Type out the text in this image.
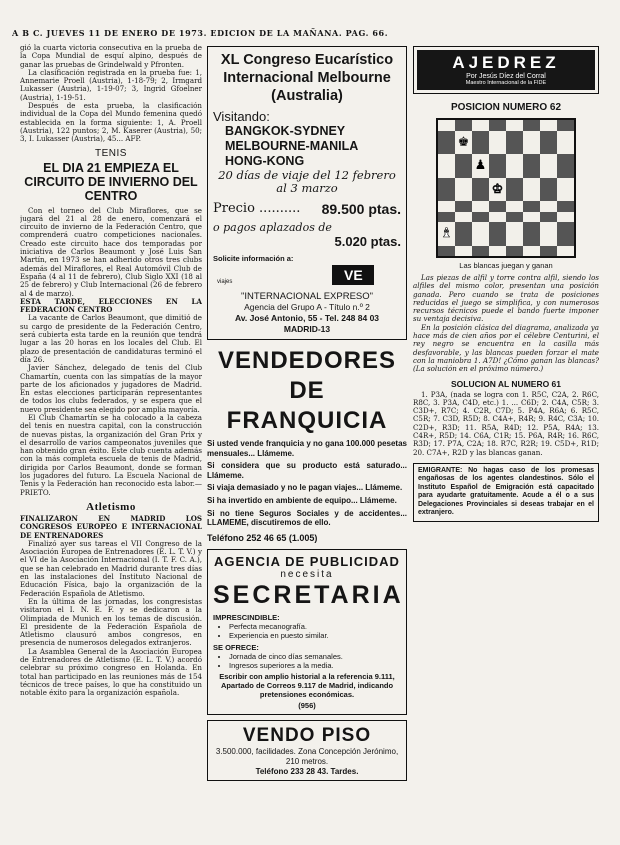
A B C. JUEVES 11 DE ENERO DE 1973. EDICION DE LA MAÑANA. PAG. 66.

gió la cuarta victoria consecutiva en la prueba de la Copa Mundial de esquí alpino, después de ganar las pruebas de Grindelwald y Pfronten.

La clasificación registrada en la prueba fue: 1, Annemarie Proell (Austria), 1-18-79; 2, Irmgard Lukasser (Austria), 1-19-07; 3, Ingrid Gfoelner (Austria), 1-19-51.

Después de esta prueba, la clasificación individual de la Copa del Mundo femenina quedó establecida en la forma siguiente: 1, A. Proell (Austria), 122 puntos; 2, M. Kaserer (Austria), 50; 3, I. Lukasser (Austria), 45... AFP.

TENIS
EL DIA 21 EMPIEZA EL CIRCUITO DE INVIERNO DEL CENTRO

Con el torneo del Club Miraflores, que se jugará del 21 al 28 de enero, comenzará el circuito de invierno de la Federación Centro, que comprenderá cuatro competiciones nacionales. Creado este circuito hace dos temporadas por iniciativa de Carlos Beaumont y José Luis San Martín, en 1973 se han adherido otros tres clubs además del Miraflores, el Real Automóvil Club de España (4 al 11 de febrero), Club Siglo XXI (18 al 25 de febrero) y Club Internacional (26 de febrero al 4 de marzo).

ESTA TARDE, ELECCIONES EN LA FEDERACION CENTRO

La vacante de Carlos Beaumont, que dimitió de su cargo de presidente de la Federación Centro, será cubierta esta tarde en la reunión que tendrá lugar a las 20 horas en los locales del Club. El plazo de presentación de candidaturas terminó el día 26.

Javier Sánchez, delegado de tenis del Club Chamartín, cuenta con las simpatías de la mayor parte de los aficionados y jugadores de Madrid. En estas elecciones participarán representantes de todos los clubs federados, y se espera que el nuevo presidente sea elegido por amplia mayoría.

El Club Chamartín se ha colocado a la cabeza del tenis en nuestra capital, con la construcción de nuevas pistas, la organización del Gran Prix y el desarrollo de varios campeonatos juveniles que han obtenido gran éxito. Este club cuenta además con la más completa escuela de tenis de Madrid, dirigida por Carlos Beaumont, donde se forman los jugadores del futuro. La Escuela Nacional de Tenis y la Federación han reconocido esta labor.—PRIETO.

Atletismo

FINALIZARON EN MADRID LOS CONGRESOS EUROPEO E INTERNACIONAL DE ENTRENADORES

Finalizó ayer sus tareas el VII Congreso de la Asociación Europea de Entrenadores (E. L. T. V.) y el VI de la Asociación Internacional (I. T. F. C. A.), que se han celebrado en Madrid durante tres días en las instalaciones del Instituto Nacional de Educación Física, bajo la organización de la Federación Española de Atletismo.

En la última de las jornadas, los congresistas visitaron el I. N. E. F. y se dedicaron a la Olimpiada de Munich en los temas de discusión. El presidente de la Federación Española de Atletismo clausuró ambos congresos, en presencia de numerosos delegados extranjeros.

La Asamblea General de la Asociación Europea de Entrenadores de Atletismo (E. L. T. V.) acordó celebrar su próximo congreso en Holanda. En total han participado en las reuniones más de 154 técnicos de trece países, lo que ha constituido un notable éxito para la organización española.

XL Congreso Eucarístico Internacional Melbourne (Australia)
Visitando:
BANGKOK-SYDNEY
MELBOURNE-MANILA
HONG-KONG
20 días de viaje del 12 febrero al 3 marzo
Precio .......... 89.500 ptas.
o pagos aplazados de
5.020 ptas.
Solicite información a:
viajes	VE
"INTERNACIONAL EXPRESO"
Agencia del Grupo A - Título n.º 2
Av. José Antonio, 55 - Tel. 248 84 03
MADRID-13
VENDEDORES DE FRANQUICIA

Si usted vende franquicia y no gana 100.000 pesetas mensuales... Llámeme.

Si considera que su producto está saturado... Llámeme.

Si viaja demasiado y no le pagan viajes... Llámeme.

Si ha invertido en ambiente de equipo... Llámeme.

Si no tiene Seguros Sociales y de accidentes... LLAMEME, discutiremos de ello.

Teléfono 252 46 65 (1.005)

AGENCIA DE PUBLICIDAD
necesita
SECRETARIA
IMPRESCINDIBLE:
• Perfecta mecanografía.
• Experiencia en puesto similar.
SE OFRECE:
• Jornada de cinco días semanales.
• Ingresos superiores a la media.
Escribir con amplio historial a la referencia 9.111, Apartado de Correos 9.117 de Madrid, indicando pretensiones económicas.
(956)
VENDO PISO
3.500.000, facilidades. Zona Concepción Jerónimo, 210 metros.
Teléfono 233 28 43. Tardes.
AJEDREZ
Por Jesús Díez del Corral
Maestro Internacional de la FIDE
POSICION NUMERO 62
♚
♟
♚
♝
Las blancas juegan y ganan

Las piezas de alfil y torre contra alfil, siendo los alfiles del mismo color, presentan una posición ganada. Pero cuando se trata de posiciones reducidas el juego se simplifica, y con numerosos recursos técnicos puede el bando fuerte imponer su ventaja decisiva.

En la posición clásica del diagrama, analizada ya hace más de cien años por el célebre Centurini, el rey negro se encuentra en la casilla más desfavorable, y las blancas pueden forzar el mate con la maniobra 1. A7D! ¿Cómo ganan las blancas? (La solución en el próximo número.)

SOLUCION AL NUMERO 61

1. P3A, (nada se logra con 1. R5C, C2A, 2. R6C, R8C, 3. P3A, C4D, etc.) 1. ... C6D; 2. C4A, C5R; 3. C3D+, R7C; 4. C2R, C7D; 5. P4A, R6A; 6. R5C, C5R; 7. C3D, R5D; 8. C4A+, R4R; 9. R4C, C3A; 10. C2D+, R3D; 11. R5A, R4D; 12. P5A, R4A; 13. C4R+, R5D; 14. C6A, C1R; 15. P6A, R4R; 16. R6C, R3D; 17. P7A, C2A; 18. R7C, R2R; 19. C5D+, R1D; 20. C7A+, R2D y las blancas ganan.

EMIGRANTE: No hagas caso de los promesas engañosas de los agentes clandestinos. Sólo el Instituto Español de Emigración está capacitado para ayudarte gratuitamente. Acude a él o a sus Delegaciones Provinciales si deseas trabajar en el extranjero.
